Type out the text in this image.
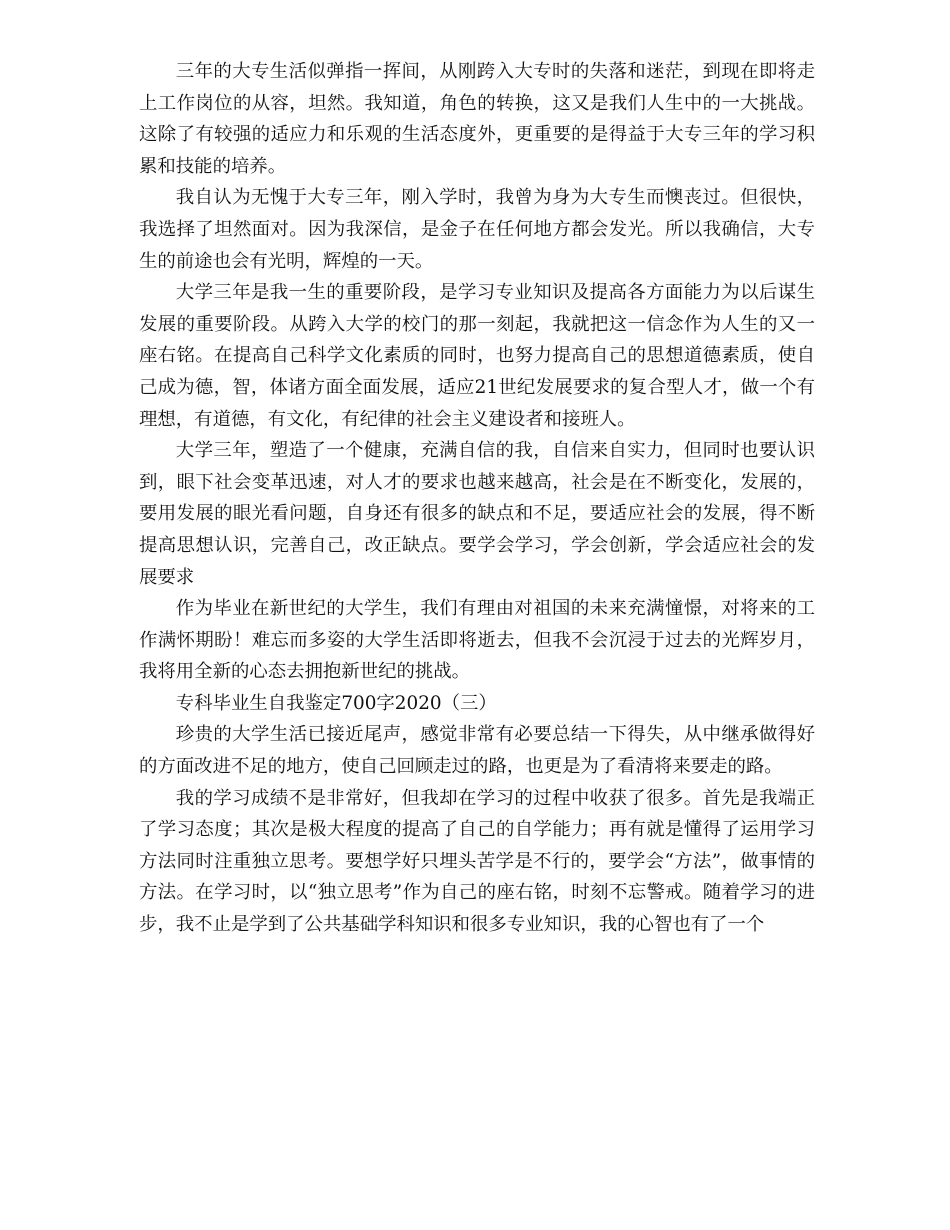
三年的大专生活似弹指一挥间，从刚跨入大专时的失落和迷茫，到现在即将走上工作岗位的从容，坦然。我知道，角色的转换，这又是我们人生中的一大挑战。这除了有较强的适应力和乐观的生活态度外，更重要的是得益于大专三年的学习积累和技能的培养。

我自认为无愧于大专三年，刚入学时，我曾为身为大专生而懊丧过。但很快，我选择了坦然面对。因为我深信，是金子在任何地方都会发光。所以我确信，大专生的前途也会有光明，辉煌的一天。

大学三年是我一生的重要阶段，是学习专业知识及提高各方面能力为以后谋生发展的重要阶段。从跨入大学的校门的那一刻起，我就把这一信念作为人生的又一座右铭。在提高自己科学文化素质的同时，也努力提高自己的思想道德素质，使自己成为德，智，体诸方面全面发展，适应21世纪发展要求的复合型人才，做一个有理想，有道德，有文化，有纪律的社会主义建设者和接班人。

大学三年，塑造了一个健康，充满自信的我，自信来自实力，但同时也要认识到，眼下社会变革迅速，对人才的要求也越来越高，社会是在不断变化，发展的，要用发展的眼光看问题，自身还有很多的缺点和不足，要适应社会的发展，得不断提高思想认识，完善自己，改正缺点。要学会学习，学会创新，学会适应社会的发展要求

作为毕业在新世纪的大学生，我们有理由对祖国的未来充满憧憬，对将来的工作满怀期盼！难忘而多姿的大学生活即将逝去，但我不会沉浸于过去的光辉岁月，我将用全新的心态去拥抱新世纪的挑战。

专科毕业生自我鉴定700字2020（三）

珍贵的大学生活已接近尾声，感觉非常有必要总结一下得失，从中继承做得好的方面改进不足的地方，使自己回顾走过的路，也更是为了看清将来要走的路。

我的学习成绩不是非常好，但我却在学习的过程中收获了很多。首先是我端正了学习态度；其次是极大程度的提高了自己的自学能力；再有就是懂得了运用学习方法同时注重独立思考。要想学好只埋头苦学是不行的，要学会“方法”，做事情的方法。在学习时，以“独立思考”作为自己的座右铭，时刻不忘警戒。随着学习的进步，我不止是学到了公共基础学科知识和很多专业知识，我的心智也有了一个
